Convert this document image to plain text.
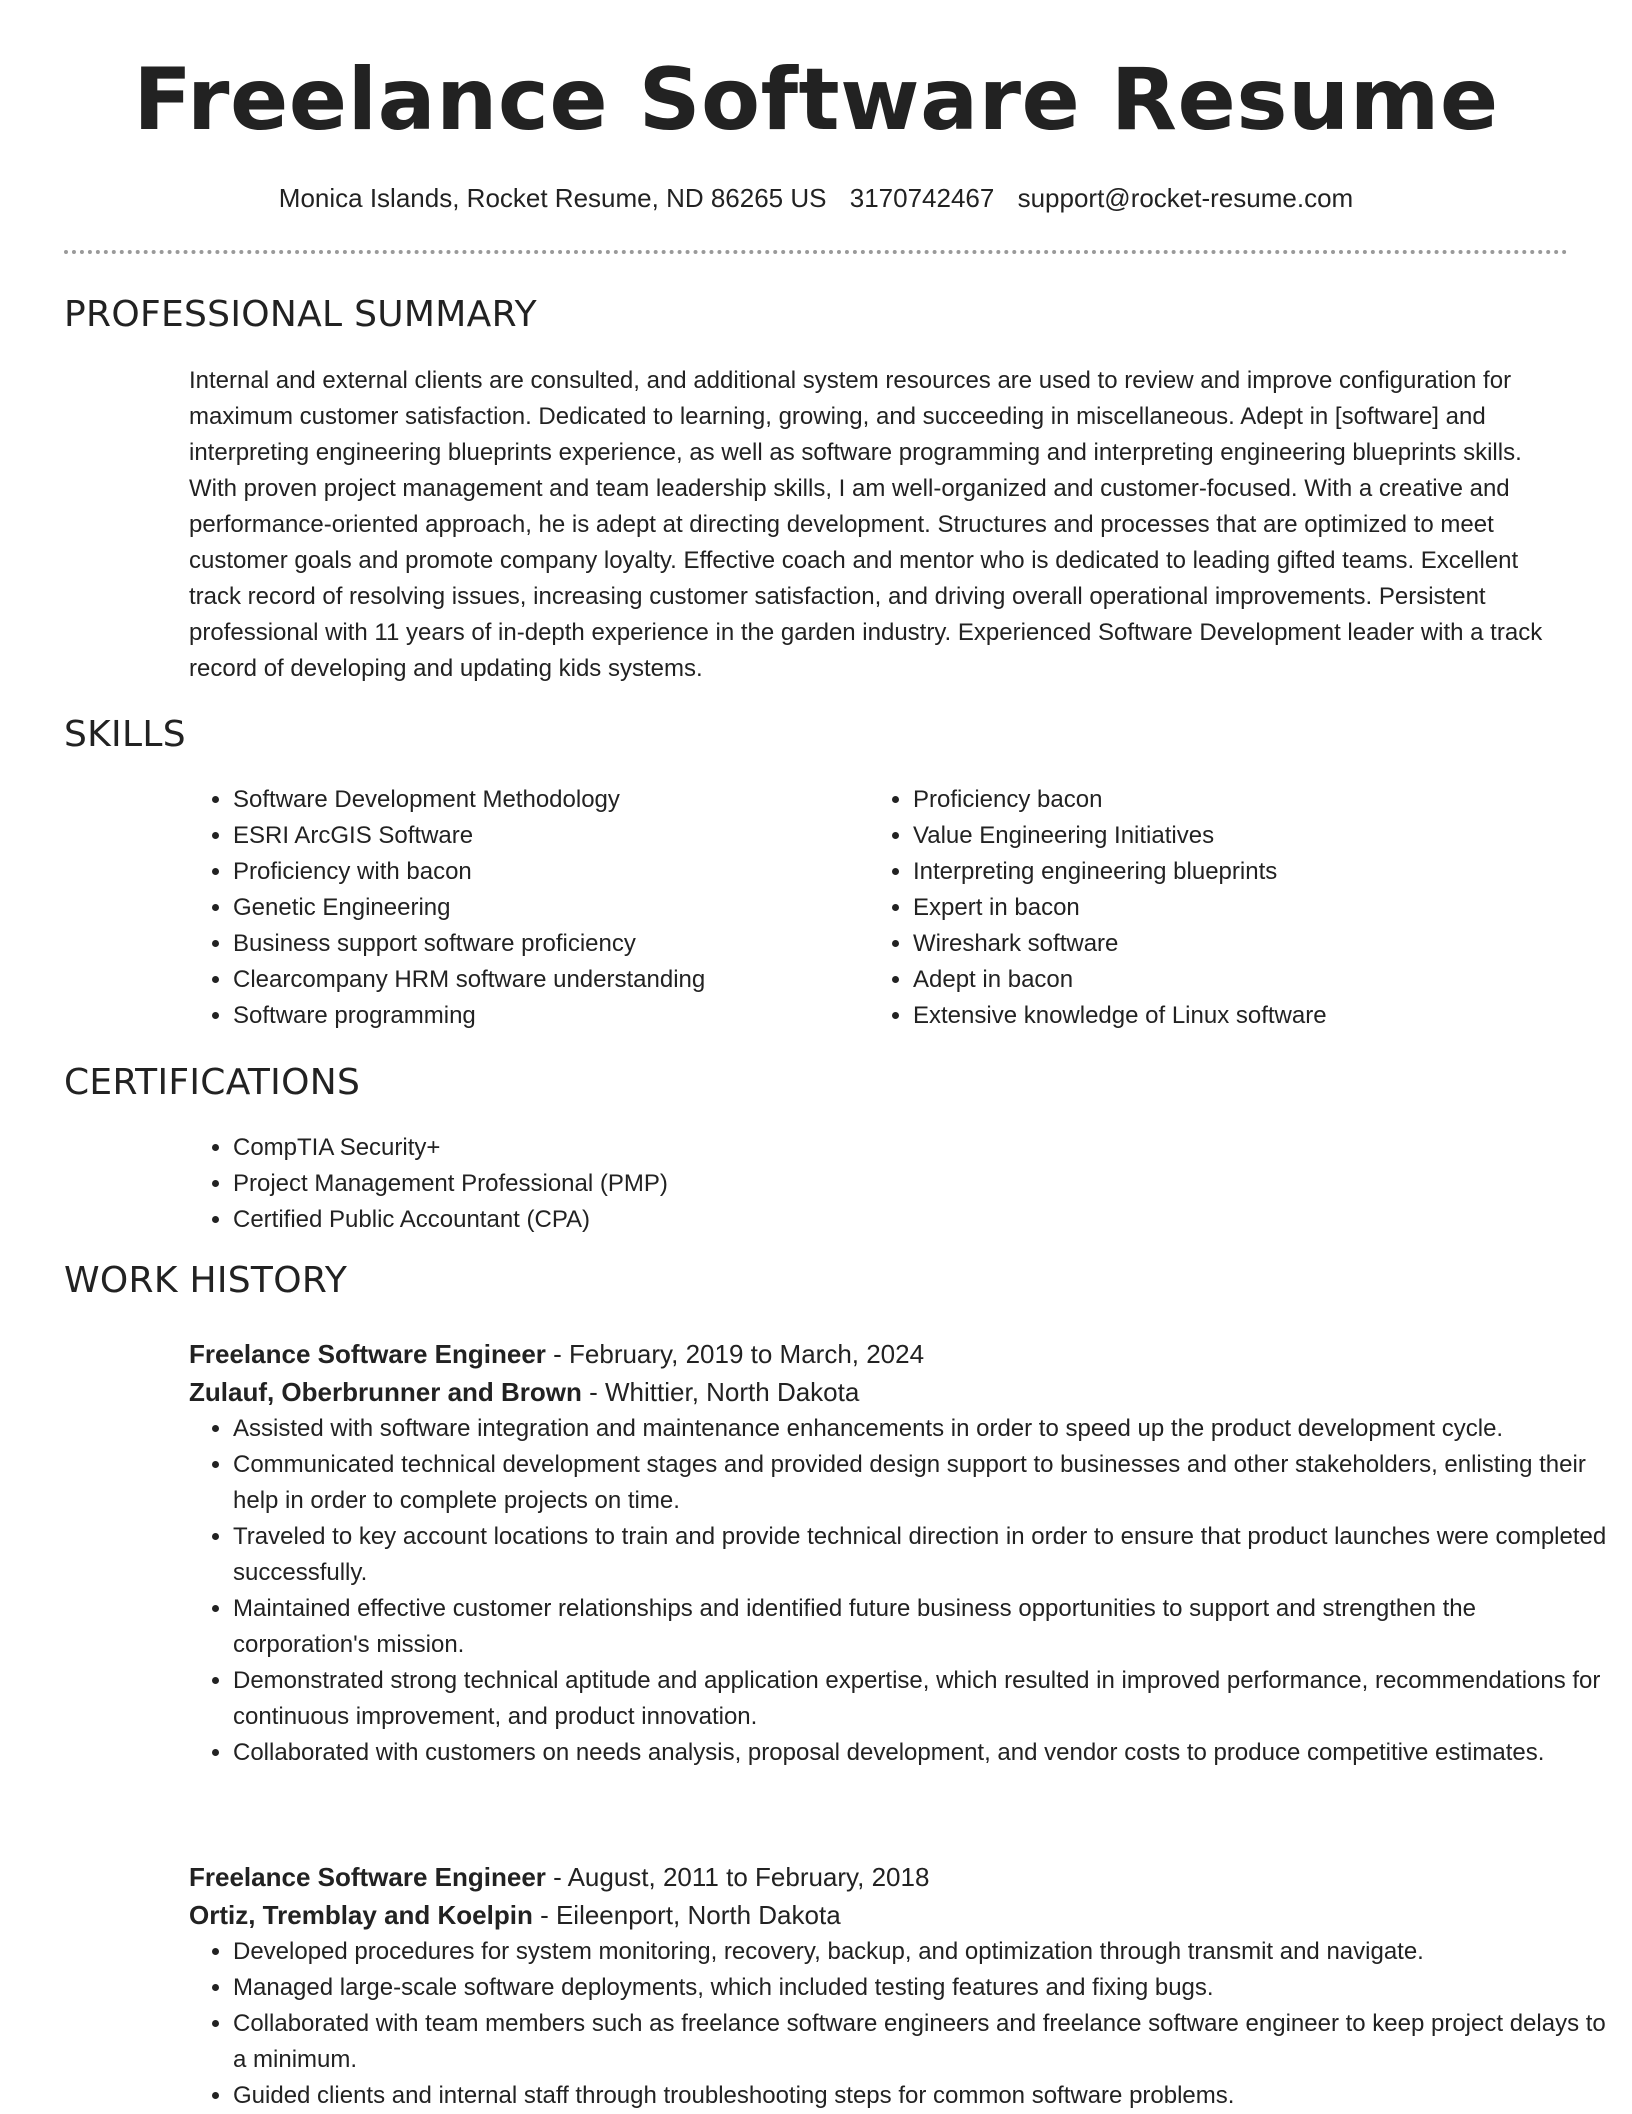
Freelance Software Resume
Monica Islands, Rocket Resume, ND 86265 US 3170742467 support@rocket-resume.com
PROFESSIONAL SUMMARY

Internal and external clients are consulted, and additional system resources are used to review and improve configuration for maximum customer satisfaction. Dedicated to learning, growing, and succeeding in miscellaneous. Adept in [software] and interpreting engineering blueprints experience, as well as software programming and interpreting engineering blueprints skills. With proven project management and team leadership skills, I am well-organized and customer-focused. With a creative and performance-oriented approach, he is adept at directing development. Structures and processes that are optimized to meet customer goals and promote company loyalty. Effective coach and mentor who is dedicated to leading gifted teams. Excellent track record of resolving issues, increasing customer satisfaction, and driving overall operational improvements. Persistent professional with 11 years of in-depth experience in the garden industry. Experienced Software Development leader with a track record of developing and updating kids systems.

SKILLS
• Software Development Methodology
• ESRI ArcGIS Software
• Proficiency with bacon
• Genetic Engineering
• Business support software proficiency
• Clearcompany HRM software understanding
• Software programming
• Proficiency bacon
• Value Engineering Initiatives
• Interpreting engineering blueprints
• Expert in bacon
• Wireshark software
• Adept in bacon
• Extensive knowledge of Linux software
CERTIFICATIONS
• CompTIA Security+
• Project Management Professional (PMP)
• Certified Public Accountant (CPA)
WORK HISTORY

Freelance Software Engineer - February, 2019 to March, 2024

Zulauf, Oberbrunner and Brown - Whittier, North Dakota

• Assisted with software integration and maintenance enhancements in order to speed up the product development cycle.
• Communicated technical development stages and provided design support to businesses and other stakeholders, enlisting their help in order to complete projects on time.
• Traveled to key account locations to train and provide technical direction in order to ensure that product launches were completed successfully.
• Maintained effective customer relationships and identified future business opportunities to support and strengthen the corporation's mission.
• Demonstrated strong technical aptitude and application expertise, which resulted in improved performance, recommendations for continuous improvement, and product innovation.
• Collaborated with customers on needs analysis, proposal development, and vendor costs to produce competitive estimates.

Freelance Software Engineer - August, 2011 to February, 2018

Ortiz, Tremblay and Koelpin - Eileenport, North Dakota

• Developed procedures for system monitoring, recovery, backup, and optimization through transmit and navigate.
• Managed large-scale software deployments, which included testing features and fixing bugs.
• Collaborated with team members such as freelance software engineers and freelance software engineer to keep project delays to a minimum.
• Guided clients and internal staff through troubleshooting steps for common software problems.
